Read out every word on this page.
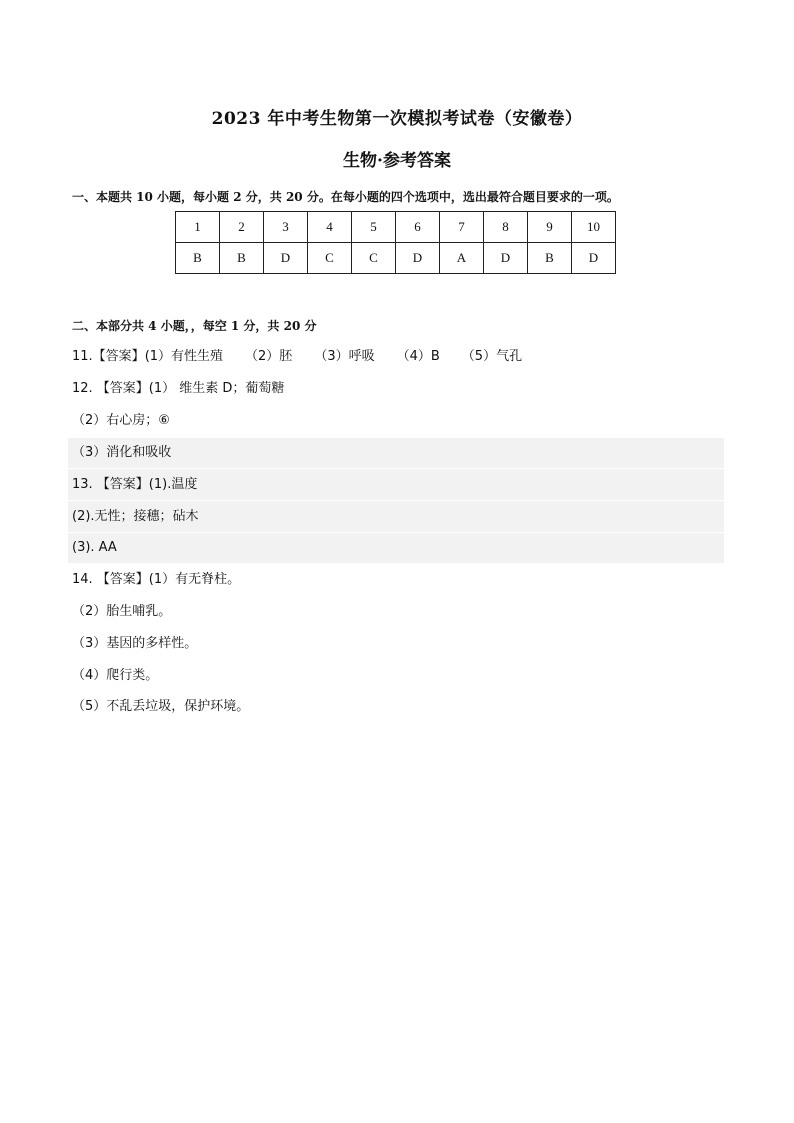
2023 年中考生物第一次模拟考试卷（安徽卷）
生物·参考答案
一、本题共 10 小题，每小题 2 分，共 20 分。在每小题的四个选项中，选出最符合题目要求的一项。
1	2	3	4	5	6	7	8	9	10
B	B	D	C	C	D	A	D	B	D
二、本部分共 4 小题，，每空 1 分，共 20 分
11.【答案】(1）有性生殖 （2）胚 （3）呼吸 （4）B （5）气孔
12. 【答案】(1） 维生素 D；葡萄糖
（2）右心房；⑥
（3）消化和吸收
13. 【答案】(1).温度
(2).无性；接穗；砧木
(3). AA
14. 【答案】(1）有无脊柱。
（2）胎生哺乳。
（3）基因的多样性。
（4）爬行类。
（5）不乱丢垃圾，保护环境。
